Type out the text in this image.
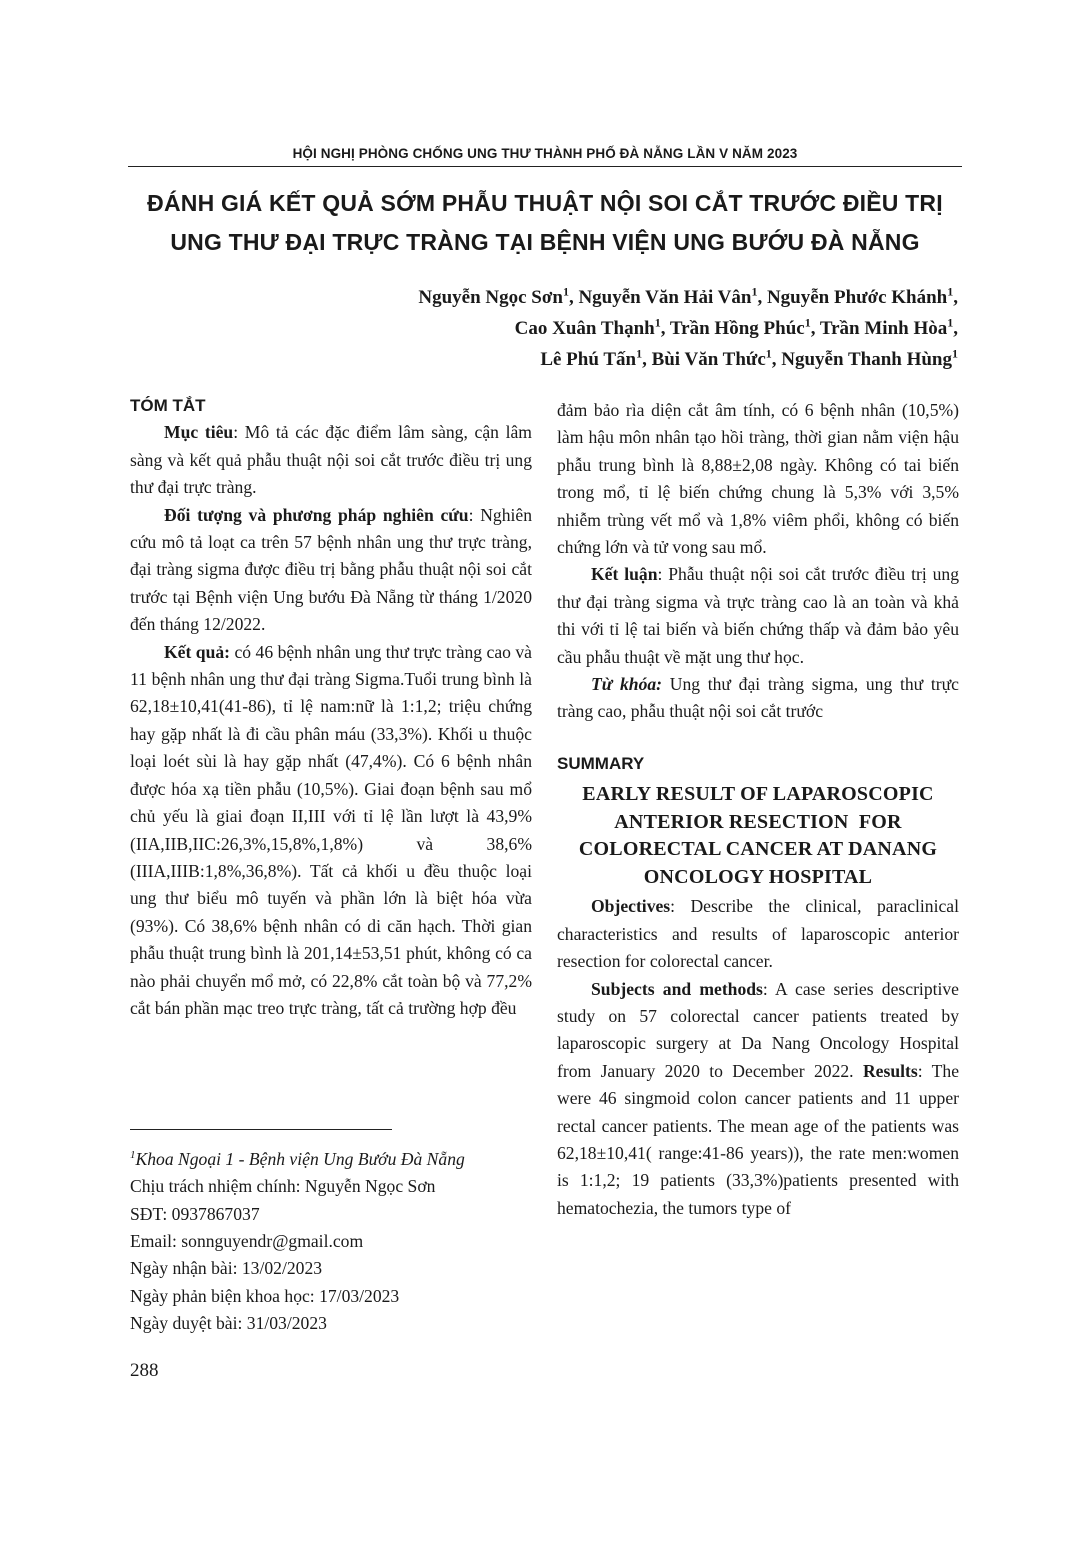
HỘI NGHỊ PHÒNG CHỐNG UNG THƯ THÀNH PHỐ ĐÀ NẴNG LẦN V NĂM 2023
ĐÁNH GIÁ KẾT QUẢ SỚM PHẪU THUẬT NỘI SOI CẮT TRƯỚC ĐIỀU TRỊ
UNG THƯ ĐẠI TRỰC TRÀNG TẠI BỆNH VIỆN UNG BƯỚU ĐÀ NẴNG
Nguyễn Ngọc Sơn$^1$, Nguyễn Văn Hải Vân$^1$, Nguyễn Phước Khánh$^1$,
Cao Xuân Thạnh$^1$, Trần Hồng Phúc$^1$, Trần Minh Hòa$^1$,
Lê Phú Tấn$^1$, Bùi Văn Thức$^1$, Nguyễn Thanh Hùng$^1$

TÓM TẮT

Mục tiêu: Mô tả các đặc điểm lâm sàng, cận lâm sàng và kết quả phẫu thuật nội soi cắt trước điều trị ung thư đại trực tràng.

Đối tượng và phương pháp nghiên cứu: Nghiên cứu mô tả loạt ca trên 57 bệnh nhân ung thư trực tràng, đại tràng sigma được điều trị bằng phẫu thuật nội soi cắt trước tại Bệnh viện Ung bướu Đà Nẵng từ tháng 1/2020 đến tháng 12/2022.

Kết quả: có 46 bệnh nhân ung thư trực tràng cao và 11 bệnh nhân ung thư đại tràng Sigma.Tuổi trung bình là 62,18±10,41(41-86), tỉ lệ nam:nữ là 1:1,2; triệu chứng hay gặp nhất là đi cầu phân máu (33,3%). Khối u thuộc loại loét sùi là hay gặp nhất (47,4%). Có 6 bệnh nhân được hóa xạ tiền phẫu (10,5%). Giai đoạn bệnh sau mổ chủ yếu là giai đoạn II,III với tỉ lệ lần lượt là 43,9% (IIA,IIB,IIC:26,3%,15,8%,1,8%) và 38,6% (IIIA,IIIB:1,8%,36,8%). Tất cả khối u đều thuộc loại ung thư biểu mô tuyến và phần lớn là biệt hóa vừa (93%). Có 38,6% bệnh nhân có di căn hạch. Thời gian phẫu thuật trung bình là 201,14±53,51 phút, không có ca nào phải chuyển mổ mở, có 22,8% cắt toàn bộ và 77,2% cắt bán phần mạc treo trực tràng, tất cả trường hợp đều

$^1$Khoa Ngoại 1 - Bệnh viện Ung Bướu Đà Nẵng
Chịu trách nhiệm chính: Nguyễn Ngọc Sơn
SĐT: 0937867037
Email: sonnguyendr@gmail.com
Ngày nhận bài: 13/02/2023
Ngày phản biện khoa học: 17/03/2023
Ngày duyệt bài: 31/03/2023

đảm bảo rìa diện cắt âm tính, có 6 bệnh nhân (10,5%) làm hậu môn nhân tạo hồi tràng, thời gian nằm viện hậu phẫu trung bình là 8,88±2,08 ngày. Không có tai biến trong mổ, tỉ lệ biến chứng chung là 5,3% với 3,5% nhiễm trùng vết mổ và 1,8% viêm phổi, không có biến chứng lớn và tử vong sau mổ.

Kết luận: Phẫu thuật nội soi cắt trước điều trị ung thư đại tràng sigma và trực tràng cao là an toàn và khả thi với tỉ lệ tai biến và biến chứng thấp và đảm bảo yêu cầu phẫu thuật về mặt ung thư học.

Từ khóa: Ung thư đại tràng sigma, ung thư trực tràng cao, phẫu thuật nội soi cắt trước

SUMMARY

EARLY RESULT OF LAPAROSCOPIC
ANTERIOR RESECTION  FOR
COLORECTAL CANCER AT DANANG
ONCOLOGY HOSPITAL

Objectives: Describe the clinical, paraclinical characteristics and results of laparoscopic anterior resection for colorectal cancer.

Subjects and methods: A case series descriptive study on 57 colorectal cancer patients treated by laparoscopic surgery at Da Nang Oncology Hospital from January 2020 to December 2022. Results: The were 46 singmoid colon cancer patients and 11 upper rectal cancer patients. The mean age of the patients was 62,18±10,41( range:41-86 years)), the rate men:women is 1:1,2; 19 patients (33,3%)patients presented with hematochezia, the tumors type of

288
